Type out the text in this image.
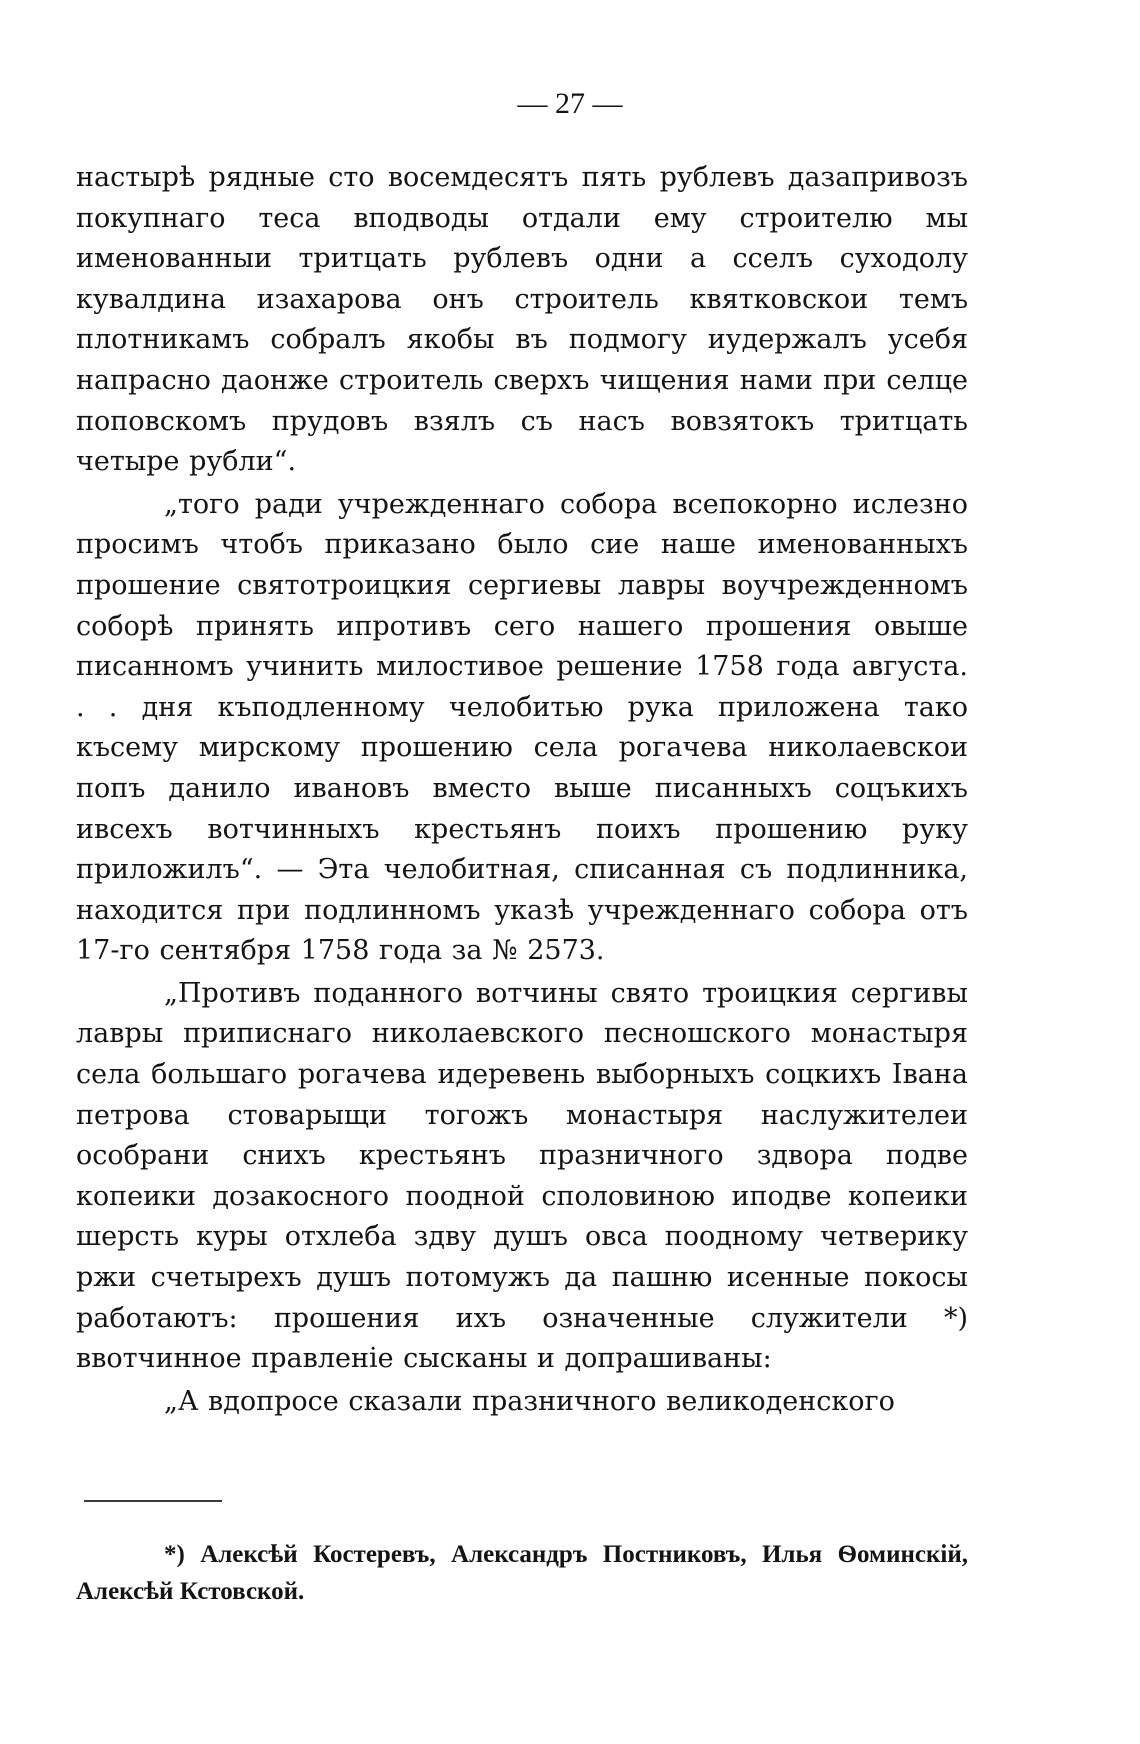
— 27 —

настырѣ рядные сто восемдесятъ пять рублевъ дазапривозъ покупнаго теса вподводы отдали ему строителю мы именованныи тритцать рублевъ одни а сселъ суходолу кувалдина изахарова онъ строитель квятковскои темъ плотникамъ собралъ якобы въ подмогу иудержалъ усебя напрасно даонже строитель сверхъ чищения нами при селце поповскомъ прудовъ взялъ съ насъ вовзятокъ тритцать четыре рубли“.

„того ради учрежденнаго собора всепокорно ислезно просимъ чтобъ приказано было сие наше именованныхъ прошение святотроицкия сергиевы лавры воучрежденномъ соборѣ принять ипротивъ сего нашего прошения овыше писанномъ учинить милостивое решение 1758 года августа. . . дня къподленному челобитью рука приложена тако късему мирскому прошению села рогачева николаевскои попъ данило ивановъ вместо выше писанныхъ соцъкихъ ивсехъ вотчинныхъ крестьянъ поихъ прошению руку приложилъ“. — Эта челобитная, списанная съ подлинника, находится при подлинномъ указѣ учрежденнаго собора отъ 17-го сентября 1758 года за № 2573.

„Противъ поданного вотчины свято троицкия сергивы лавры приписнаго николаевского песношского монастыря села большаго рогачева идеревень выборныхъ соцкихъ Івана петрова стоварыщи тогожъ монастыря наслужителеи особрани снихъ крестьянъ празничного здвора подве копеики дозакосного поодной споловиною иподве копеики шерсть куры отхлеба здву душъ овса поодному четверику ржи счетырехъ душъ потомужъ да пашню исенные покосы работаютъ: прошения ихъ означенные служители *) ввотчинное правленіе сысканы и допрашиваны:

„А вдопросе сказали празничного великоденского

*) Алексѣй Костеревъ, Александръ Постниковъ, Илья Ѳоминскій, Алексѣй Кстовской.
